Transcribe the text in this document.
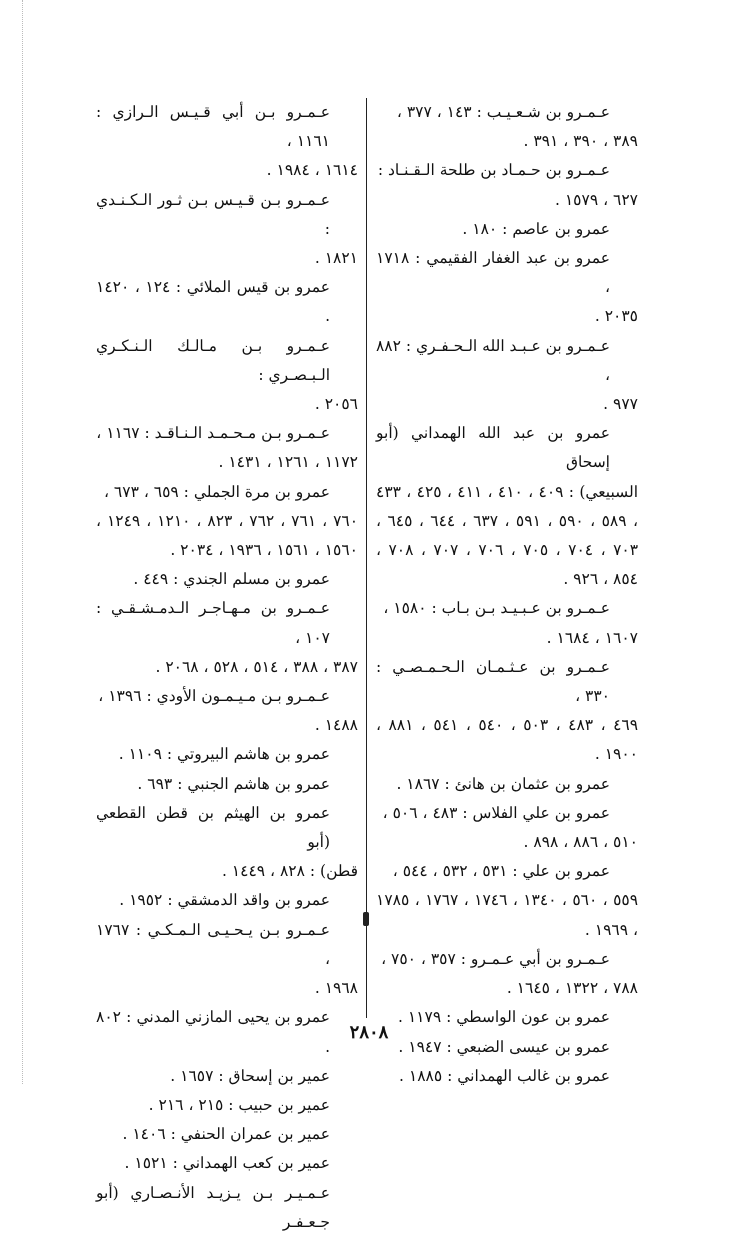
عـمـرو بن شـعـيـب : ١٤٣ ، ٣٧٧ ،
٣٨٩ ، ٣٩٠ ، ٣٩١ .

عـمـرو بن حـمـاد بن طلحة الـقـنـاد :
٦٢٧ ، ١٥٧٩ .

عمرو بن عاصم : ١٨٠ .

عمرو بن عبد الغفار الفقيمي : ١٧١٨ ،
٢٠٣٥ .

عـمـرو بن عـبـد الله الـحـفـري : ٨٨٢ ،
٩٧٧ .

عمرو بن عبد الله الهمداني (أبو إسحاق
السبيعي) : ٤٠٩ ، ٤١٠ ، ٤١١ ، ٤٢٥ ، ٤٣٣ ، ٥٨٩ ، ٥٩٠ ، ٥٩١ ، ٦٣٧ ، ٦٤٤ ، ٦٤٥ ، ٧٠٣ ، ٧٠٤ ، ٧٠٥ ، ٧٠٦ ، ٧٠٧ ، ٧٠٨ ، ٨٥٤ ، ٩٢٦ .

عـمـرو بن عـبـيـد بـن بـاب : ١٥٨٠ ،
١٦٠٧ ، ١٦٨٤ .

عـمـرو بن عـثـمـان الـحـمـصـي : ٣٣٠ ،
٤٦٩ ، ٤٨٣ ، ٥٠٣ ، ٥٤٠ ، ٥٤١ ، ٨٨١ ، ١٩٠٠ .

عمرو بن عثمان بن هانئ : ١٨٦٧ .

عمرو بن علي الفلاس : ٤٨٣ ، ٥٠٦ ،
٥١٠ ، ٨٨٦ ، ٨٩٨ .

عمرو بن علي : ٥٣١ ، ٥٣٢ ، ٥٤٤ ،
٥٥٩ ، ٥٦٠ ، ١٣٤٠ ، ١٧٤٦ ، ١٧٦٧ ، ١٧٨٥ ، ١٩٦٩ .

عـمـرو بن أبي عـمـرو : ٣٥٧ ، ٧٥٠ ،
٧٨٨ ، ١٣٢٢ ، ١٦٤٥ .

عمرو بن عون الواسطي : ١١٧٩ .

عمرو بن عيسى الضبعي : ١٩٤٧ .

عمرو بن غالب الهمداني : ١٨٨٥ .

عـمـرو بـن أبي قـيـس الـرازي : ١١٦١ ،
١٦١٤ ، ١٩٨٤ .

عـمـرو بـن قـيـس بـن ثـور الـكـنـدي :
١٨٢١ .

عمرو بن قيس الملائي : ١٢٤ ، ١٤٢٠ .

عـمـرو بـن مـالـك الـنـكـري الـبـصـري :
٢٠٥٦ .

عـمـرو بـن مـحـمـد الـنـاقـد : ١١٦٧ ،
١١٧٢ ، ١٢٦١ ، ١٤٣١ .

عمرو بن مرة الجملي : ٦٥٩ ، ٦٧٣ ،
٧٦٠ ، ٧٦١ ، ٧٦٢ ، ٨٢٣ ، ١٢١٠ ، ١٢٤٩ ، ١٥٦٠ ، ١٥٦١ ، ١٩٣٦ ، ٢٠٣٤ .

عمرو بن مسلم الجندي : ٤٤٩ .

عـمـرو بن مـهـاجـر الـدمـشـقـي : ١٠٧ ،
٣٨٧ ، ٣٨٨ ، ٥١٤ ، ٥٢٨ ، ٢٠٦٨ .

عـمـرو بـن مـيـمـون الأودي : ١٣٩٦ ،
١٤٨٨ .

عمرو بن هاشم البيروتي : ١١٠٩ .

عمرو بن هاشم الجنبي : ٦٩٣ .

عمرو بن الهيثم بن قطن القطعي (أبو
قطن) : ٨٢٨ ، ١٤٤٩ .

عمرو بن واقد الدمشقي : ١٩٥٢ .

عـمـرو بـن يـحـيـى الـمـكـي : ١٧٦٧ ،
١٩٦٨ .

عمرو بن يحيى المازني المدني : ٨٠٢ .

عمير بن إسحاق : ١٦٥٧ .

عمير بن حبيب : ٢١٥ ، ٢١٦ .

عمير بن عمران الحنفي : ١٤٠٦ .

عمير بن كعب الهمداني : ١٥٢١ .

عـمـيـر بـن يـزيـد الأنـصـاري (أبو جـعـفـر

٢٨٠٨
